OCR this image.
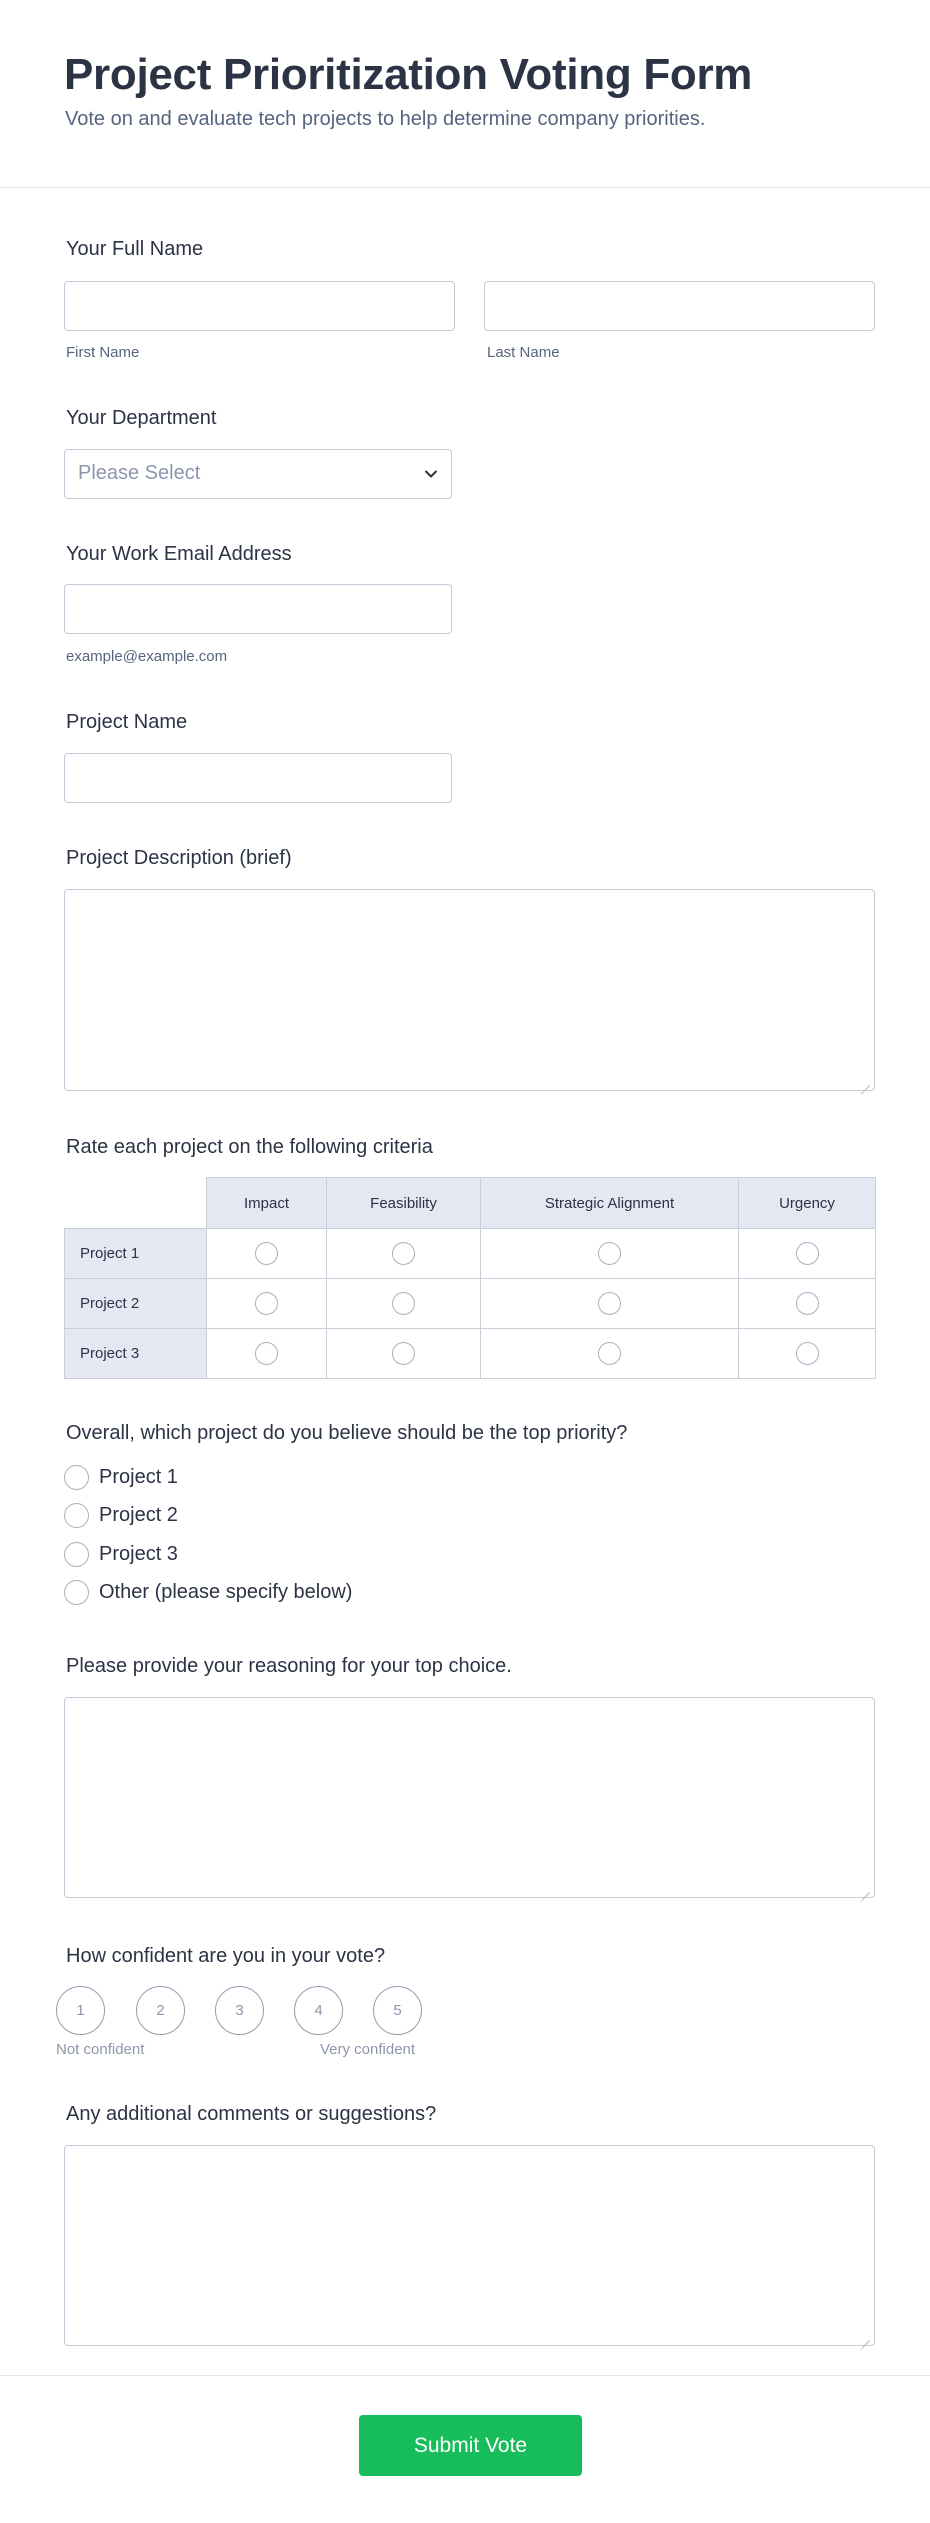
Project Prioritization Voting Form
Vote on and evaluate tech projects to help determine company priorities.
Your Full Name
First Name	Last Name
Your Department
Please Select
Your Work Email Address
example@example.com
Project Name
Project Description (brief)
Rate each project on the following criteria
	Impact	Feasibility	Strategic Alignment	Urgency
Project 1				
Project 2				
Project 3				
Overall, which project do you believe should be the top priority?
Project 1
Project 2
Project 3
Other (please specify below)
Please provide your reasoning for your top choice.
How confident are you in your vote?
1	2	3	4	5
Not confident	Very confident
Any additional comments or suggestions?
Submit Vote
